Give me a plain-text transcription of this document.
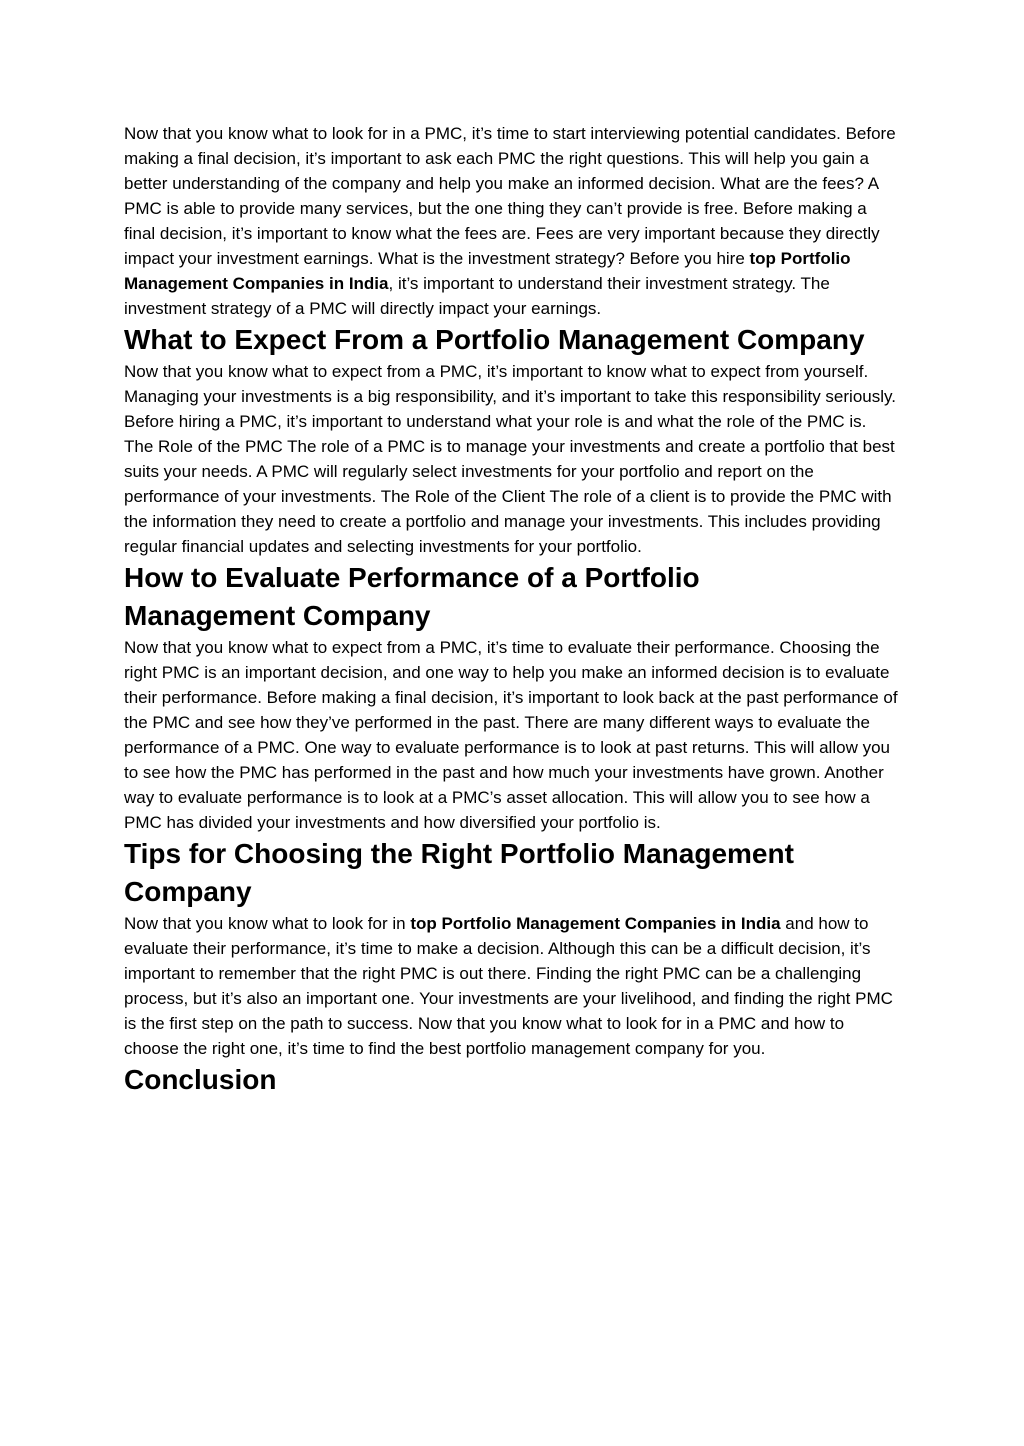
Now that you know what to look for in a PMC, it’s time to start interviewing potential candidates. Before making a final decision, it’s important to ask each PMC the right questions. This will help you gain a better understanding of the company and help you make an informed decision. What are the fees? A PMC is able to provide many services, but the one thing they can’t provide is free. Before making a final decision, it’s important to know what the fees are. Fees are very important because they directly impact your investment earnings. What is the investment strategy? Before you hire top Portfolio Management Companies in India, it’s important to understand their investment strategy. The investment strategy of a PMC will directly impact your earnings.

What to Expect From a Portfolio Management Company

Now that you know what to expect from a PMC, it’s important to know what to expect from yourself. Managing your investments is a big responsibility, and it’s important to take this responsibility seriously. Before hiring a PMC, it’s important to understand what your role is and what the role of the PMC is. The Role of the PMC The role of a PMC is to manage your investments and create a portfolio that best suits your needs. A PMC will regularly select investments for your portfolio and report on the performance of your investments. The Role of the Client The role of a client is to provide the PMC with the information they need to create a portfolio and manage your investments. This includes providing regular financial updates and selecting investments for your portfolio.

How to Evaluate Performance of a Portfolio Management Company

Now that you know what to expect from a PMC, it’s time to evaluate their performance. Choosing the right PMC is an important decision, and one way to help you make an informed decision is to evaluate their performance. Before making a final decision, it’s important to look back at the past performance of the PMC and see how they’ve performed in the past. There are many different ways to evaluate the performance of a PMC. One way to evaluate performance is to look at past returns. This will allow you to see how the PMC has performed in the past and how much your investments have grown. Another way to evaluate performance is to look at a PMC’s asset allocation. This will allow you to see how a PMC has divided your investments and how diversified your portfolio is.

Tips for Choosing the Right Portfolio Management Company

Now that you know what to look for in top Portfolio Management Companies in India and how to evaluate their performance, it’s time to make a decision. Although this can be a difficult decision, it’s important to remember that the right PMC is out there. Finding the right PMC can be a challenging process, but it’s also an important one. Your investments are your livelihood, and finding the right PMC is the first step on the path to success. Now that you know what to look for in a PMC and how to choose the right one, it’s time to find the best portfolio management company for you.

Conclusion
